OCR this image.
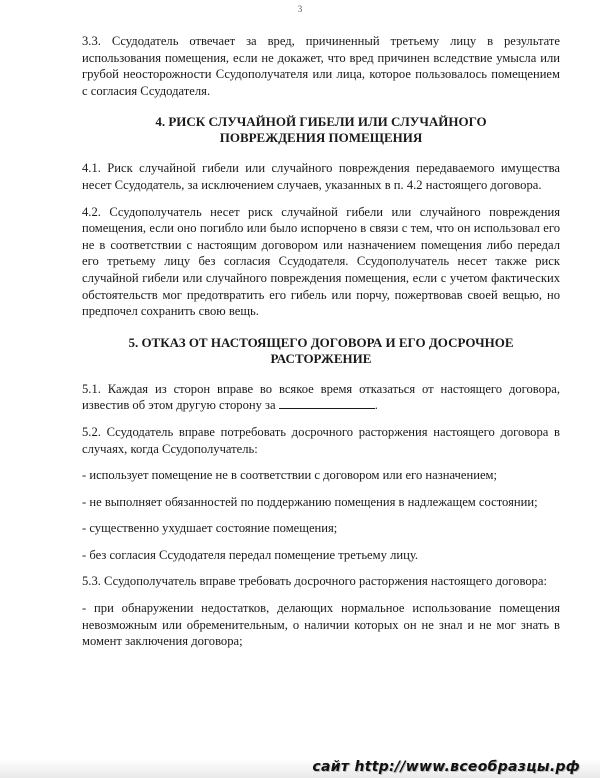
3

3.3. Ссудодатель отвечает за вред, причиненный третьему лицу в результате использования помещения, если не докажет, что вред причинен вследствие умысла или грубой неосторожности Ссудополучателя или лица, которое пользовалось помещением с согласия Ссудодателя.

4. РИСК СЛУЧАЙНОЙ ГИБЕЛИ ИЛИ СЛУЧАЙНОГО
ПОВРЕЖДЕНИЯ ПОМЕЩЕНИЯ

4.1. Риск случайной гибели или случайного повреждения передаваемого имущества несет Ссудодатель, за исключением случаев, указанных в п. 4.2 настоящего договора.

4.2. Ссудополучатель несет риск случайной гибели или случайного повреждения помещения, если оно погибло или было испорчено в связи с тем, что он использовал его не в соответствии с настоящим договором или назначением помещения либо передал его третьему лицу без согласия Ссудодателя. Ссудополучатель несет также риск случайной гибели или случайного повреждения помещения, если с учетом фактических обстоятельств мог предотвратить его гибель или порчу, пожертвовав своей вещью, но предпочел сохранить свою вещь.

5. ОТКАЗ ОТ НАСТОЯЩЕГО ДОГОВОРА И ЕГО ДОСРОЧНОЕ
РАСТОРЖЕНИЕ

5.1. Каждая из сторон вправе во всякое время отказаться от настоящего договора, известив об этом другую сторону за	.

5.2. Ссудодатель вправе потребовать досрочного расторжения настоящего договора в случаях, когда Ссудополучатель:

- использует помещение не в соответствии с договором или его назначением;

- не выполняет обязанностей по поддержанию помещения в надлежащем состоянии;

- существенно ухудшает состояние помещения;

- без согласия Ссудодателя передал помещение третьему лицу.

5.3. Ссудополучатель вправе требовать досрочного расторжения настоящего договора:

- при обнаружении недостатков, делающих нормальное использование помещения невозможным или обременительным, о наличии которых он не знал и не мог знать в момент заключения договора;

сайт http://www.всеобразцы.рф
